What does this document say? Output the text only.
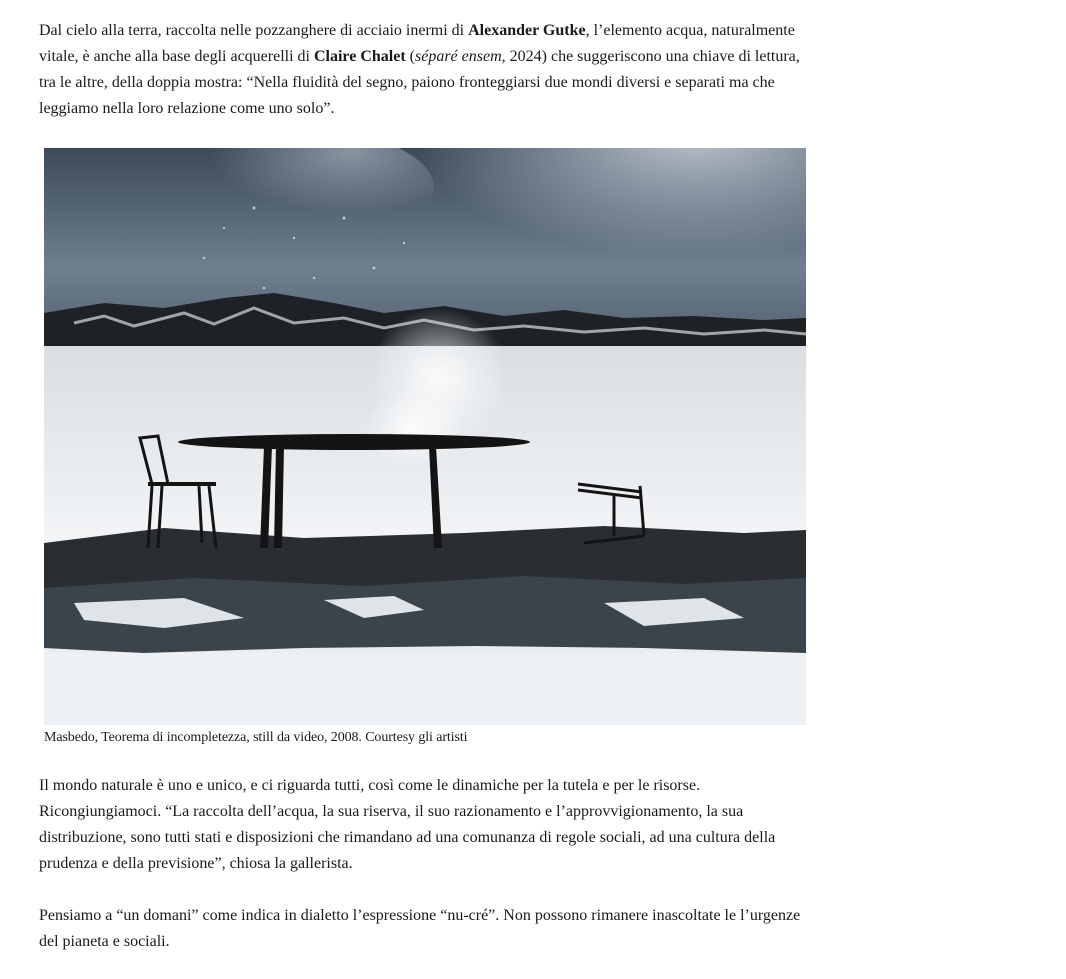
Dal cielo alla terra, raccolta nelle pozzanghere di acciaio inermi di Alexander Gutke, l’elemento acqua, naturalmente vitale, è anche alla base degli acquerelli di Claire Chalet (séparé ensem, 2024) che suggeriscono una chiave di lettura, tra le altre, della doppia mostra: “Nella fluidità del segno, paiono fronteggiarsi due mondi diversi e separati ma che leggiamo nella loro relazione come uno solo”.

Masbedo, Teorema di incompletezza, still da video, 2008. Courtesy gli artisti

Il mondo naturale è uno e unico, e ci riguarda tutti, così come le dinamiche per la tutela e per le risorse. Ricongiungiamoci. “La raccolta dell’acqua, la sua riserva, il suo razionamento e l’approvvigionamento, la sua distribuzione, sono tutti stati e disposizioni che rimandano ad una comunanza di regole sociali, ad una cultura della prudenza e della previsione”, chiosa la gallerista.

Pensiamo a “un domani” come indica in dialetto l’espressione “nu-cré”. Non possono rimanere inascoltate le l’urgenze del pianeta e sociali.
